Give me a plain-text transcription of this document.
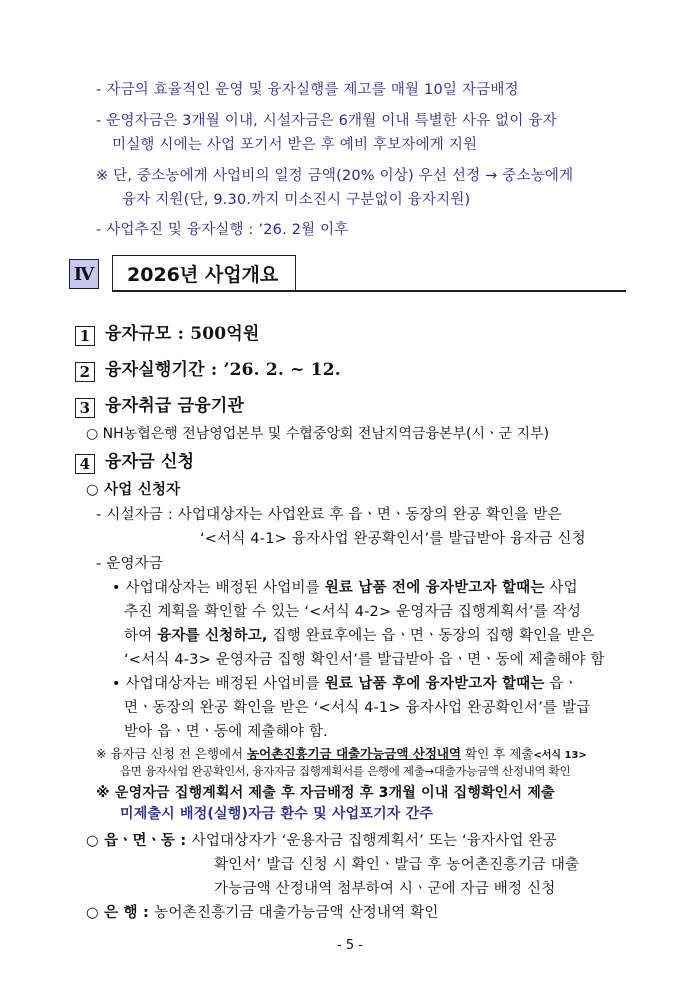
- 자금의 효율적인 운영 및 융자실행를 제고를 매월 10일 자금배정
- 운영자금은 3개월 이내, 시설자금은 6개월 이내 특별한 사유 없이 융자
미실행 시에는 사업 포기서 받은 후 예비 후보자에게 지원
※ 단, 중소농에게 사업비의 일정 금액(20% 이상) 우선 선정 → 중소농에게
융자 지원(단, 9.30.까지 미소진시 구분없이 융자지원)
- 사업추진 및 융자실행 : ’26. 2월 이후
Ⅳ	2026년 사업개요
1 융자규모 : 500억원
2 융자실행기간 : ’26. 2. ~ 12.
3 융자취급 금융기관
○ NH농협은행 전남영업본부 및 수협중앙회 전남지역금융본부(시ㆍ군 지부)
4 융자금 신청
○ 사업 신청자
- 시설자금 : 사업대상자는 사업완료 후 읍ㆍ면ㆍ동장의 완공 확인을 받은
‘<서식 4-1> 융자사업 완공확인서’를 발급받아 융자금 신청
- 운영자금
• 사업대상자는 배정된 사업비를 원료 납품 전에 융자받고자 할때는 사업
추진 계획을 확인할 수 있는 ‘<서식 4-2> 운영자금 집행계획서’를 작성
하여 융자를 신청하고, 집행 완료후에는 읍ㆍ면ㆍ동장의 집행 확인을 받은
‘<서식 4-3> 운영자금 집행 확인서’를 발급받아 읍ㆍ면ㆍ동에 제출해야 함
• 사업대상자는 배정된 사업비를 원료 납품 후에 융자받고자 할때는 읍ㆍ
면ㆍ동장의 완공 확인을 받은 ‘<서식 4-1> 융자사업 완공확인서’를 발급
받아 읍ㆍ면ㆍ동에 제출해야 함.
※ 융자금 신청 전 은행에서 농어촌진흥기금 대출가능금액 산정내역 확인 후 제출<서식 13>
읍면 융자사업 완공확인서, 융자자금 집행계획서를 은행에 제출→대출가능금액 산정내역 확인
※ 운영자금 집행계획서 제출 후 자금배정 후 3개월 이내 집행확인서 제출
미제출시 배정(실행)자금 환수 및 사업포기자 간주
○ 읍ㆍ면ㆍ동 : 사업대상자가 ‘운용자금 집행계획서’ 또는 ‘융자사업 완공
확인서’ 발급 신청 시 확인ㆍ발급 후 농어촌진흥기금 대출
가능금액 산정내역 첨부하여 시ㆍ군에 자금 배정 신청
○ 은 행 : 농어촌진흥기금 대출가능금액 산정내역 확인
- 5 -
